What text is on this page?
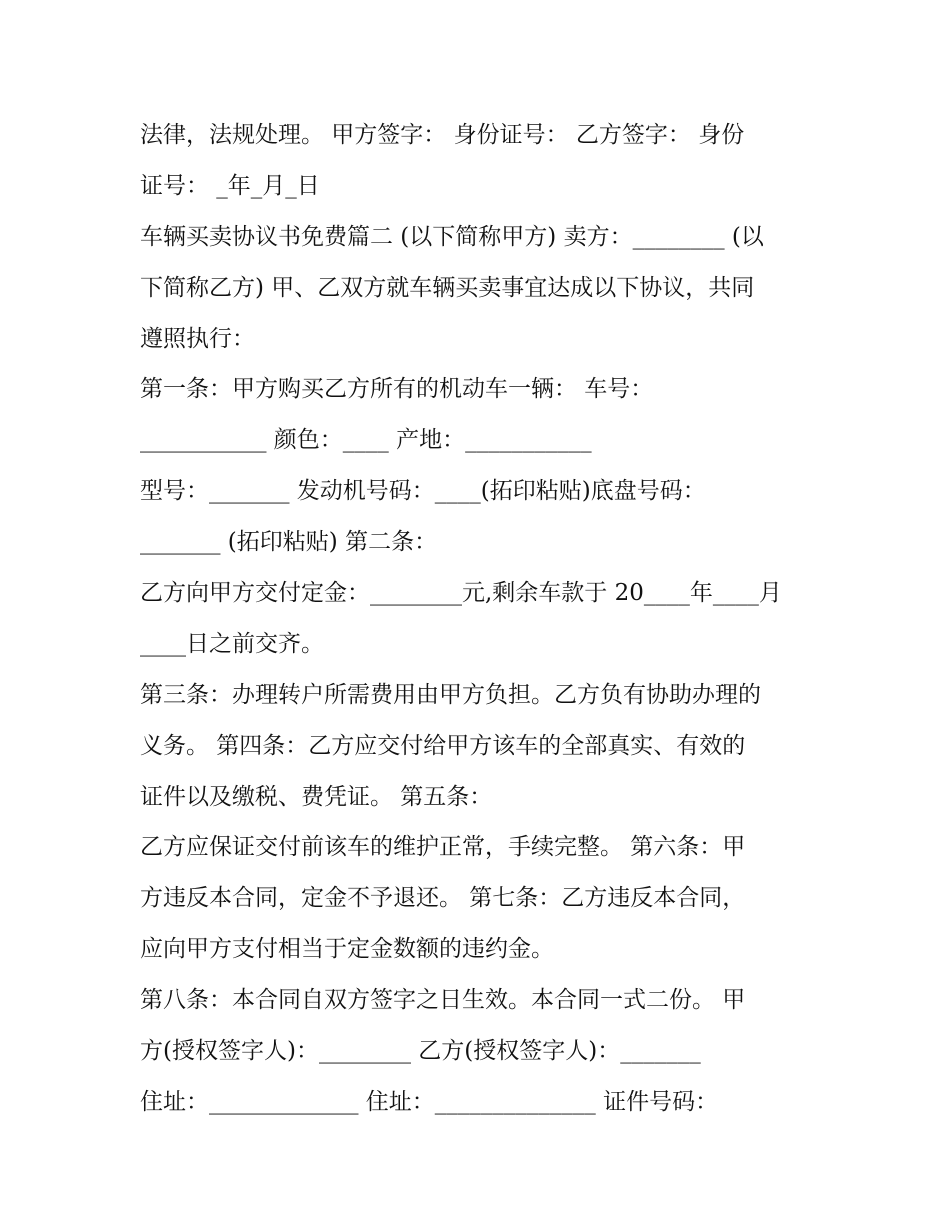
法律，法规处理。 甲方签字： 身份证号： 乙方签字： 身份
证号： _年_月_日
车辆买卖协议书免费篇二 (以下简称甲方) 卖方：________ (以
下简称乙方) 甲、乙双方就车辆买卖事宜达成以下协议，共同
遵照执行：
第一条：甲方购买乙方所有的机动车一辆： 车号：
___________ 颜色：____ 产地：___________
型号：_______ 发动机号码：____(拓印粘贴)底盘号码：
_______ (拓印粘贴) 第二条：
乙方向甲方交付定金：________元,剩余车款于 20____年____月
____日之前交齐。
第三条：办理转户所需费用由甲方负担。乙方负有协助办理的
义务。 第四条：乙方应交付给甲方该车的全部真实、有效的
证件以及缴税、费凭证。 第五条：
乙方应保证交付前该车的维护正常，手续完整。 第六条：甲
方违反本合同，定金不予退还。 第七条：乙方违反本合同，
应向甲方支付相当于定金数额的违约金。
第八条：本合同自双方签字之日生效。本合同一式二份。 甲
方(授权签字人)：________ 乙方(授权签字人)：_______
住址：_____________ 住址：______________ 证件号码：
